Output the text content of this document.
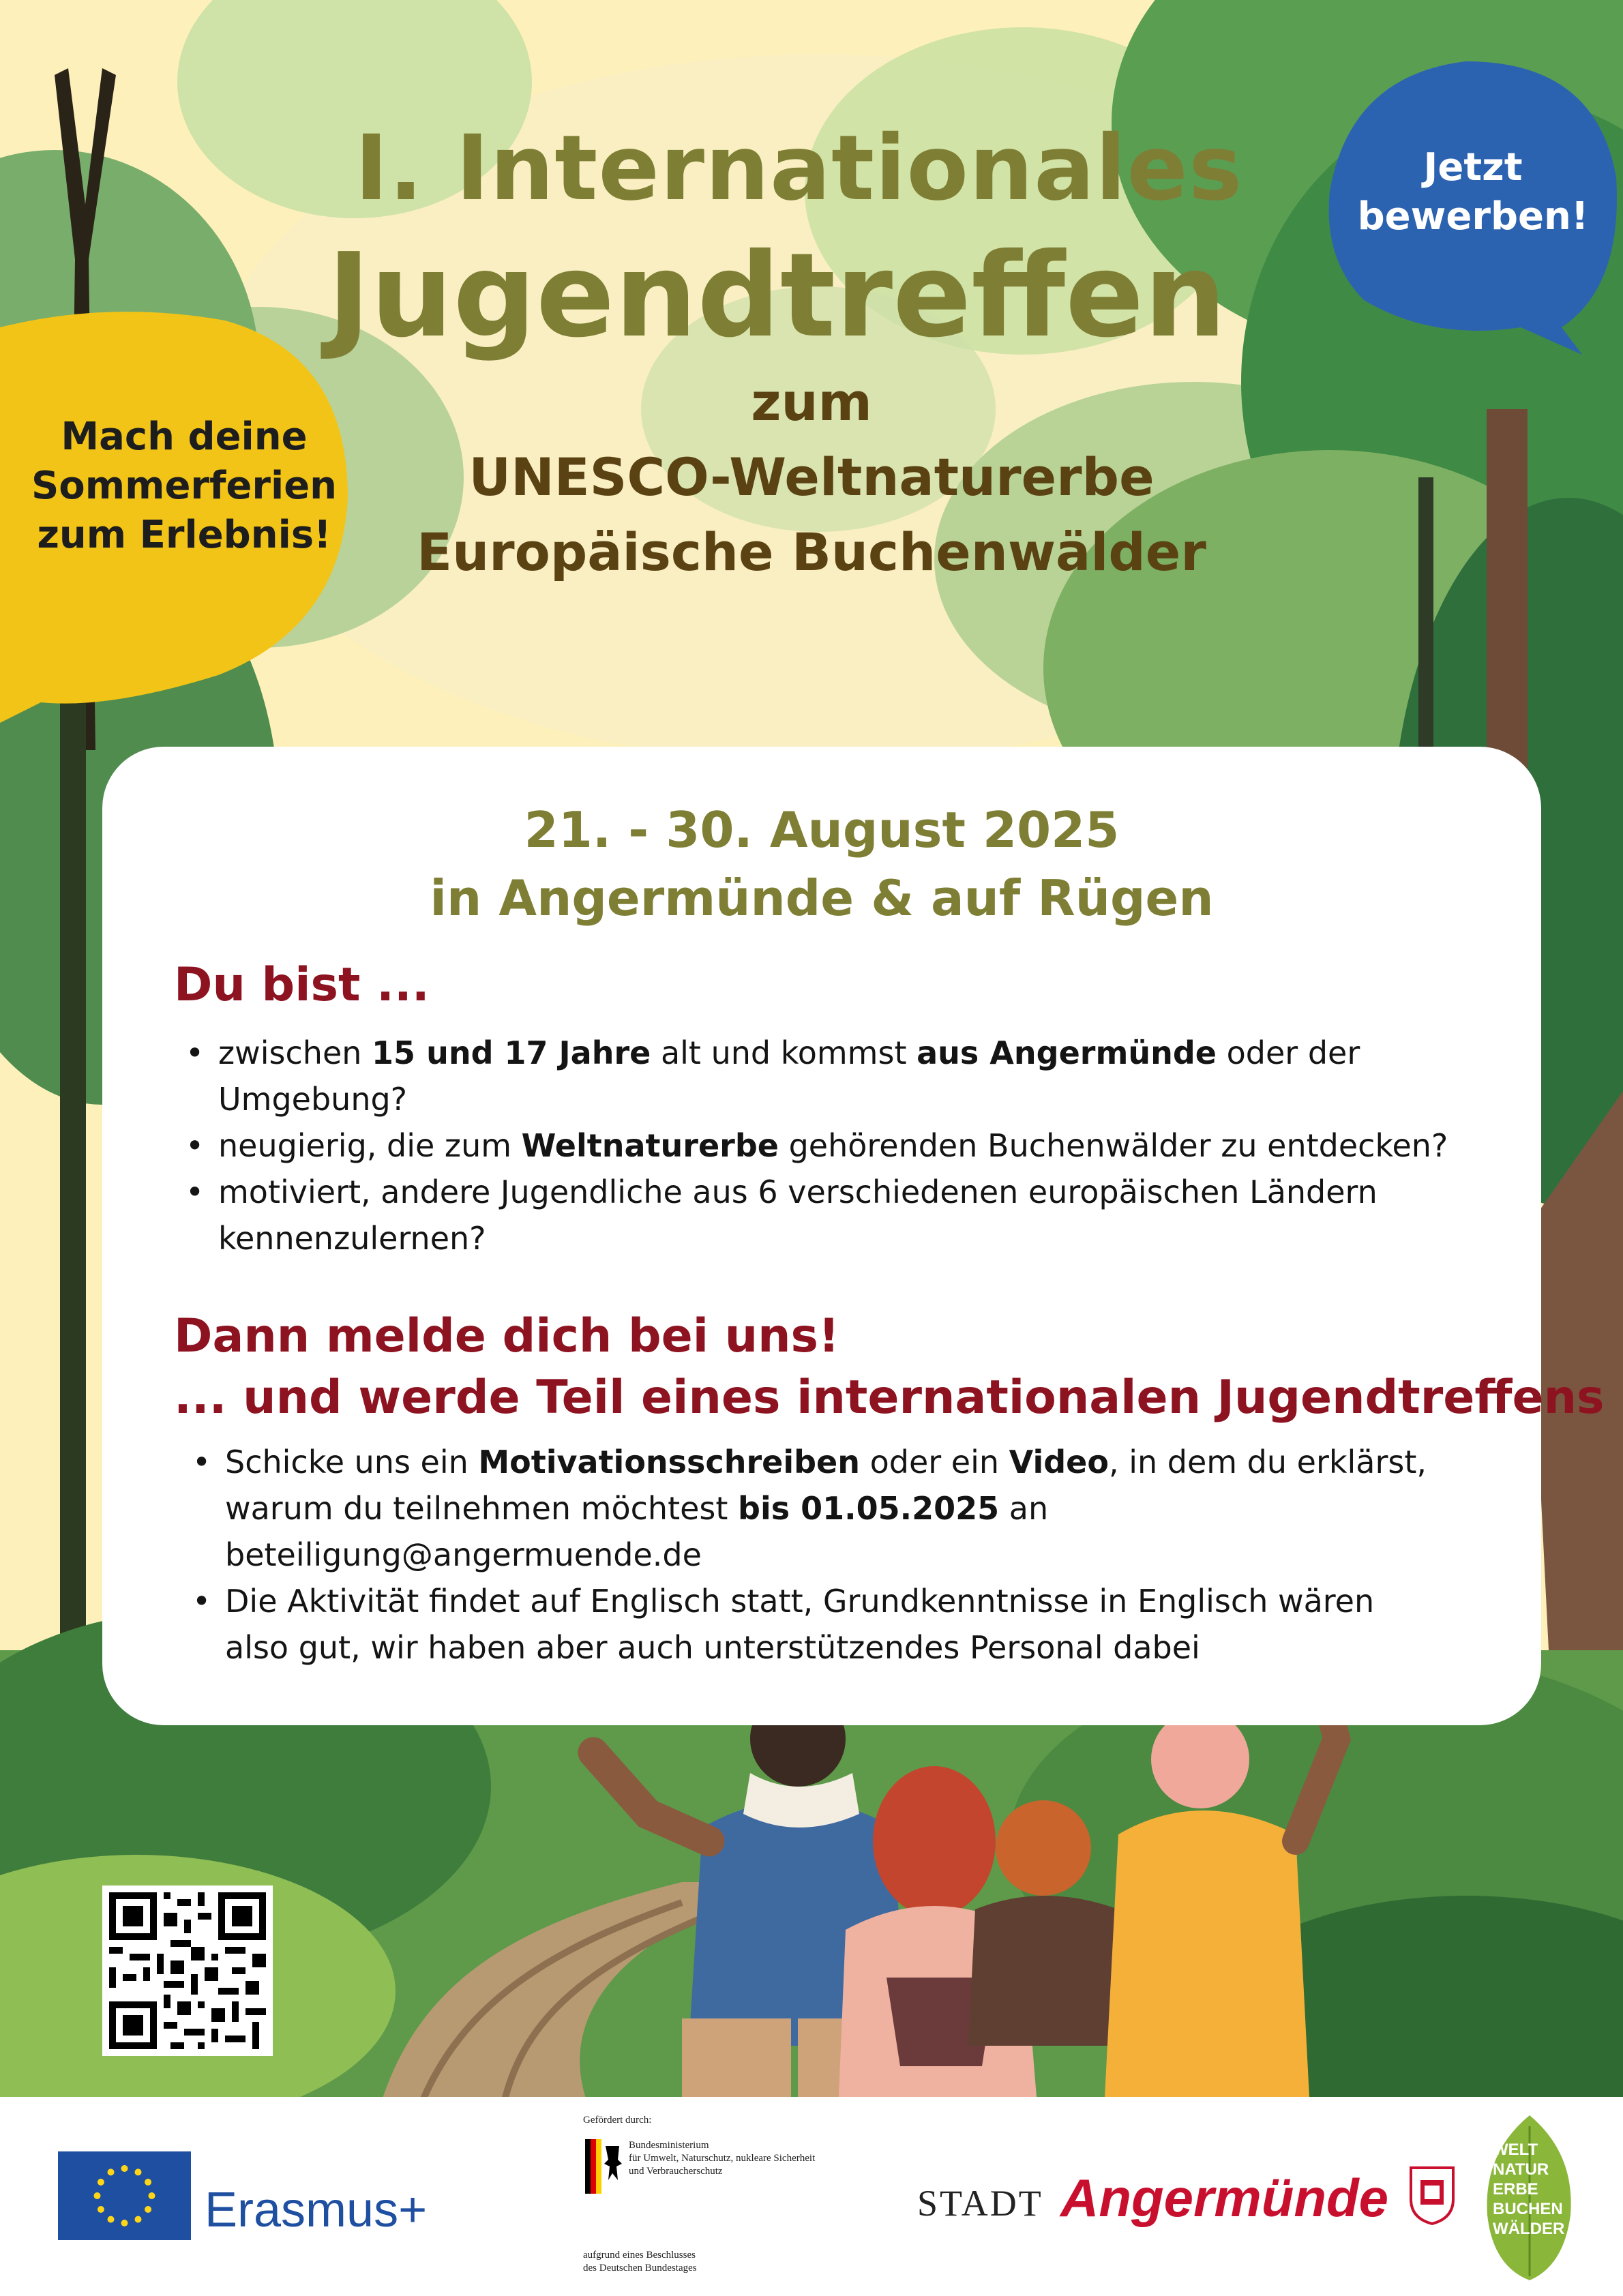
I. Internationales
Jugendtreffen
zum
UNESCO-Weltnaturerbe
Europäische Buchenwälder
Mach deine
Sommerferien
zum Erlebnis!
Jetzt
bewerben!
21. - 30. August 2025
in Angermünde & auf Rügen
Du bist ...
• zwischen 15 und 17 Jahre alt und kommst aus Angermünde oder der
Umgebung?
• neugierig, die zum Weltnaturerbe gehörenden Buchenwälder zu entdecken?
• motiviert, andere Jugendliche aus 6 verschiedenen europäischen Ländern
kennenzulernen?
Dann melde dich bei uns!
... und werde Teil eines internationalen Jugendtreffens
• Schicke uns ein Motivationsschreiben oder ein Video, in dem du erklärst,
warum du teilnehmen möchtest bis 01.05.2025 an
beteiligung@angermuende.de
• Die Aktivität findet auf Englisch statt, Grundkenntnisse in Englisch wären
also gut, wir haben aber auch unterstützendes Personal dabei
Erasmus+
Gefördert durch:
Bundesministerium
für Umwelt, Naturschutz, nukleare Sicherheit
und Verbraucherschutz
aufgrund eines Beschlusses
des Deutschen Bundestages
STADT Angermünde
WELT
NATUR
ERBE
BUCHEN
WÄLDER
